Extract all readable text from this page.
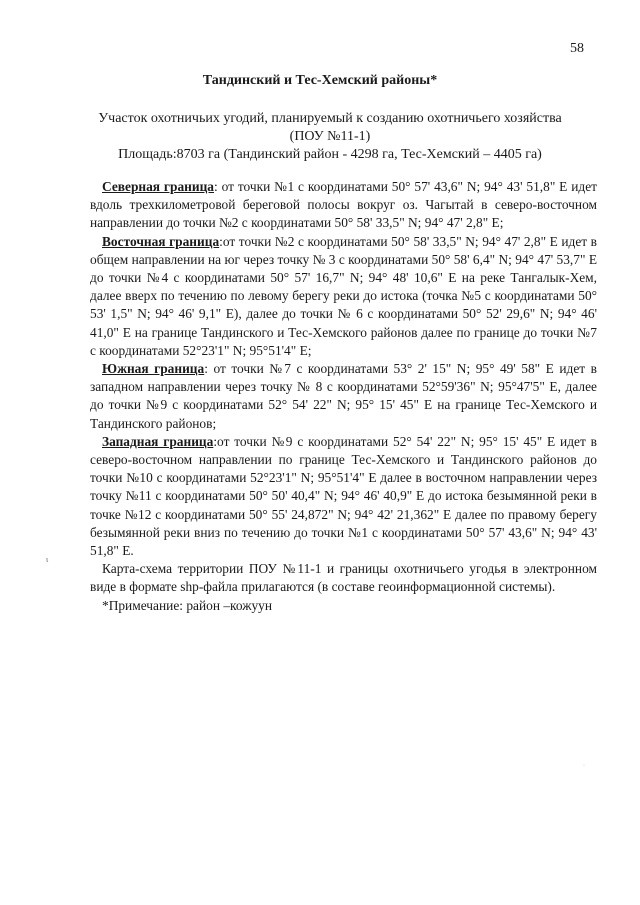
58
Тандинский и Тес-Хемский районы*
Участок охотничьих угодий, планируемый к созданию охотничьего хозяйства
(ПОУ №11-1)
Площадь:8703 га (Тандинский район - 4298 га, Тес-Хемский – 4405 га)

Северная граница: от точки №1 с координатами 50° 57' 43,6" N; 94° 43' 51,8" E идет вдоль трехкилометровой береговой полосы вокруг оз. Чагытай в северо-восточном направлении до точки №2 с координатами 50° 58' 33,5" N; 94° 47' 2,8" E;

Восточная граница:от точки №2 с координатами 50° 58' 33,5" N; 94° 47' 2,8" E идет в общем направлении на юг через точку № 3 с координатами 50° 58' 6,4" N; 94° 47' 53,7" E до точки №4 с координатами 50° 57' 16,7" N; 94° 48' 10,6" E на реке Тангалык-Хем, далее вверх по течению по левому берегу реки до истока (точка №5 с координатами 50° 53' 1,5" N; 94° 46' 9,1" E), далее до точки № 6 с координатами 50° 52' 29,6" N; 94° 46' 41,0" E на границе Тандинского и Тес-Хемского районов далее по границе до точки №7 с координатами 52°23'1" N; 95°51'4" E;

Южная граница: от точки №7 с координатами 53° 2' 15" N; 95° 49' 58" E идет в западном направлении через точку № 8 с координатами 52°59'36" N; 95°47'5" E, далее до точки №9 с координатами 52° 54' 22" N; 95° 15' 45" E на границе Тес-Хемского и Тандинского районов;

Западная граница:от точки №9 с координатами 52° 54' 22" N; 95° 15' 45" E идет в северо-восточном направлении по границе Тес-Хемского и Тандинского районов до точки №10 с координатами 52°23'1" N; 95°51'4" E далее в восточном направлении через точку №11 с координатами 50° 50' 40,4" N; 94° 46' 40,9" E до истока безымянной реки в точке №12 с координатами 50° 55' 24,872" N; 94° 42' 21,362" E далее по правому берегу безымянной реки вниз по течению до точки №1 с координатами 50° 57' 43,6" N; 94° 43' 51,8" E.

Карта-схема территории ПОУ №11-1 и границы охотничьего угодья в электронном виде в формате shp-файла прилагаются (в составе геоинформационной системы).

*Примечание: район –кожуун

ɩ
·
